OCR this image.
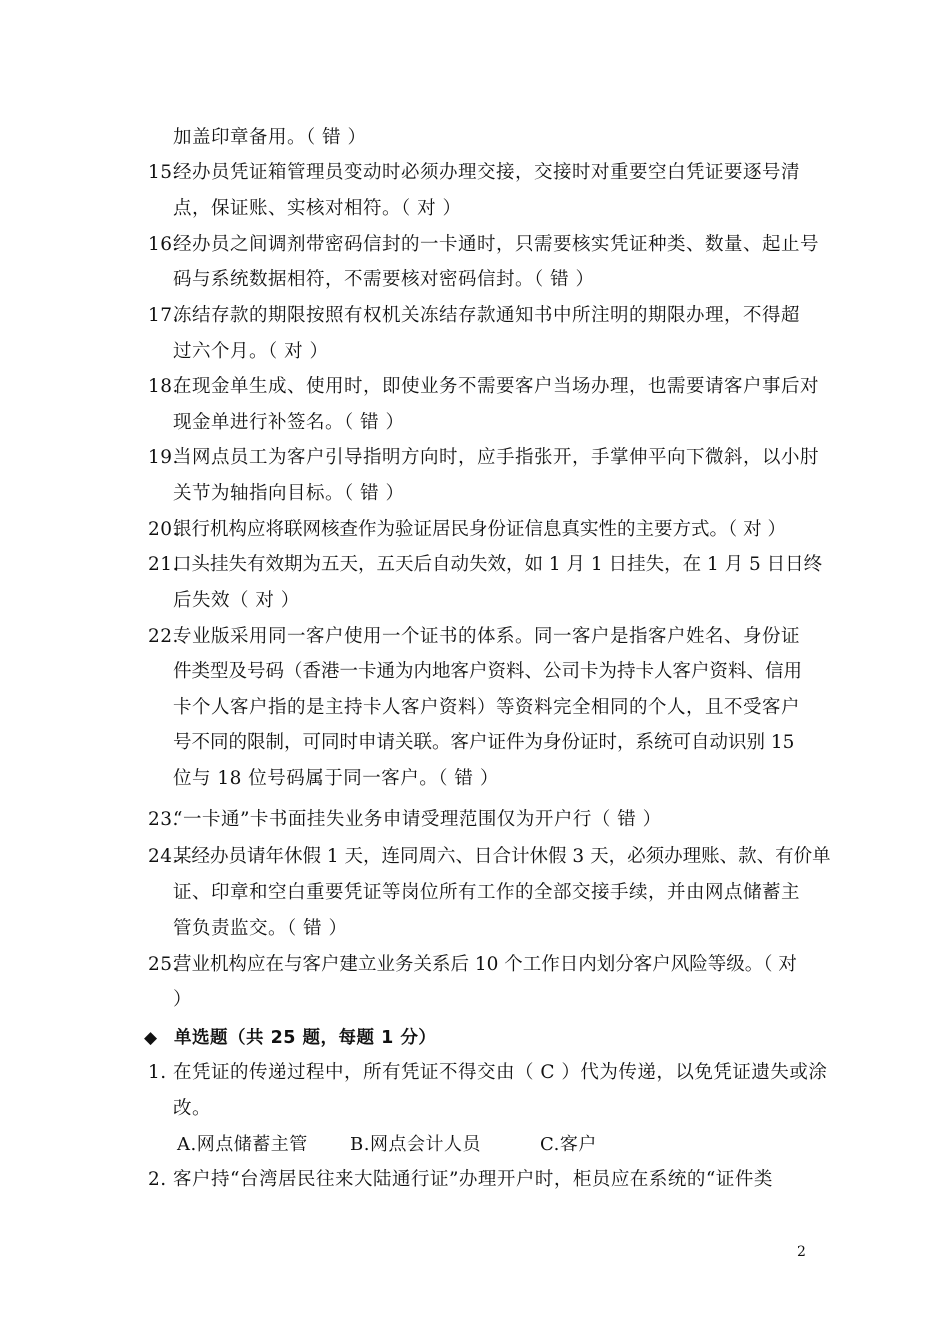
加盖印章备用。（ 错 ）
15.
经办员凭证箱管理员变动时必须办理交接，交接时对重要空白凭证要逐号清
点，保证账、实核对相符。（ 对 ）
16.
经办员之间调剂带密码信封的一卡通时，只需要核实凭证种类、数量、起止号
码与系统数据相符，不需要核对密码信封。（ 错 ）
17.
冻结存款的期限按照有权机关冻结存款通知书中所注明的期限办理，不得超
过六个月。（ 对 ）
18.
在现金单生成、使用时，即使业务不需要客户当场办理，也需要请客户事后对
现金单进行补签名。（ 错 ）
19.
当网点员工为客户引导指明方向时，应手指张开，手掌伸平向下微斜，以小肘
关节为轴指向目标。（ 错 ）
20.
银行机构应将联网核查作为验证居民身份证信息真实性的主要方式。（ 对 ）
21.
口头挂失有效期为五天，五天后自动失效，如 1 月 1 日挂失，在 1 月 5 日日终
后失效（ 对 ）
22.
专业版采用同一客户使用一个证书的体系。同一客户是指客户姓名、身份证
件类型及号码（香港一卡通为内地客户资料、公司卡为持卡人客户资料、信用
卡个人客户指的是主持卡人客户资料）等资料完全相同的个人，且不受客户
号不同的限制，可同时申请关联。客户证件为身份证时，系统可自动识别 15
位与 18 位号码属于同一客户。（ 错 ）
23.
“一卡通”卡书面挂失业务申请受理范围仅为开户行（ 错 ）
24.
某经办员请年休假 1 天，连同周六、日合计休假 3 天，必须办理账、款、有价单
证、印章和空白重要凭证等岗位所有工作的全部交接手续，并由网点储蓄主
管负责监交。（ 错 ）
25.
营业机构应在与客户建立业务关系后 10 个工作日内划分客户风险等级。（ 对
）
◆ 单选题（共 25 题，每题 1 分）
1. 在凭证的传递过程中，所有凭证不得交由（ C ）代为传递，以免凭证遗失或涂
改。
A.网点储蓄主管 B.网点会计人员	C.客户
2. 客户持“台湾居民往来大陆通行证”办理开户时，柜员应在系统的“证件类
2
